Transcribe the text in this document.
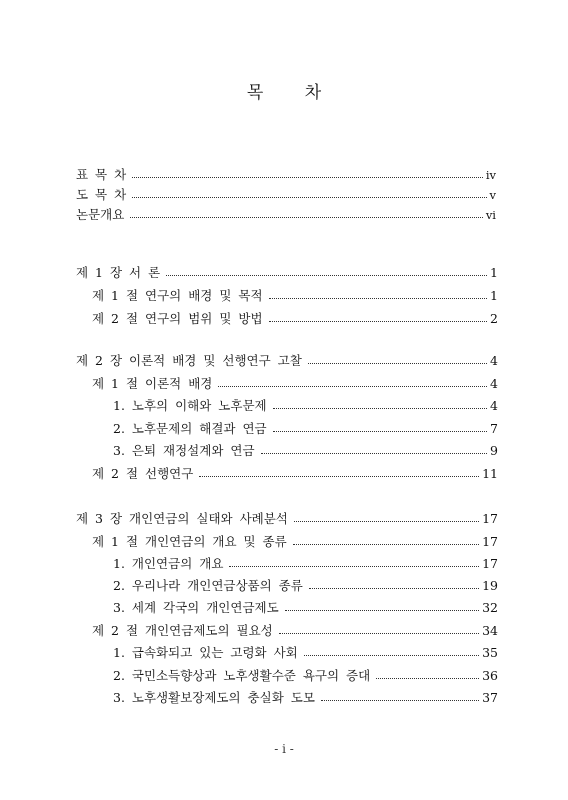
목 차
표 목 차	iv
도 목 차	v
논문개요	vi
제 1 장 서 론	1
제 1 절 연구의 배경 및 목적	1
제 2 절 연구의 범위 및 방법	2
제 2 장 이론적 배경 및 선행연구 고찰	4
제 1 절 이론적 배경	4
1. 노후의 이해와 노후문제	4
2. 노후문제의 해결과 연금	7
3. 은퇴 재정설계와 연금	9
제 2 절 선행연구	11
제 3 장 개인연금의 실태와 사례분석	17
제 1 절 개인연금의 개요 및 종류	17
1. 개인연금의 개요	17
2. 우리나라 개인연금상품의 종류	19
3. 세계 각국의 개인연금제도	32
제 2 절 개인연금제도의 필요성	34
1. 급속화되고 있는 고령화 사회	35
2. 국민소득향상과 노후생활수준 욕구의 증대	36
3. 노후생활보장제도의 충실화 도모	37
- i -
